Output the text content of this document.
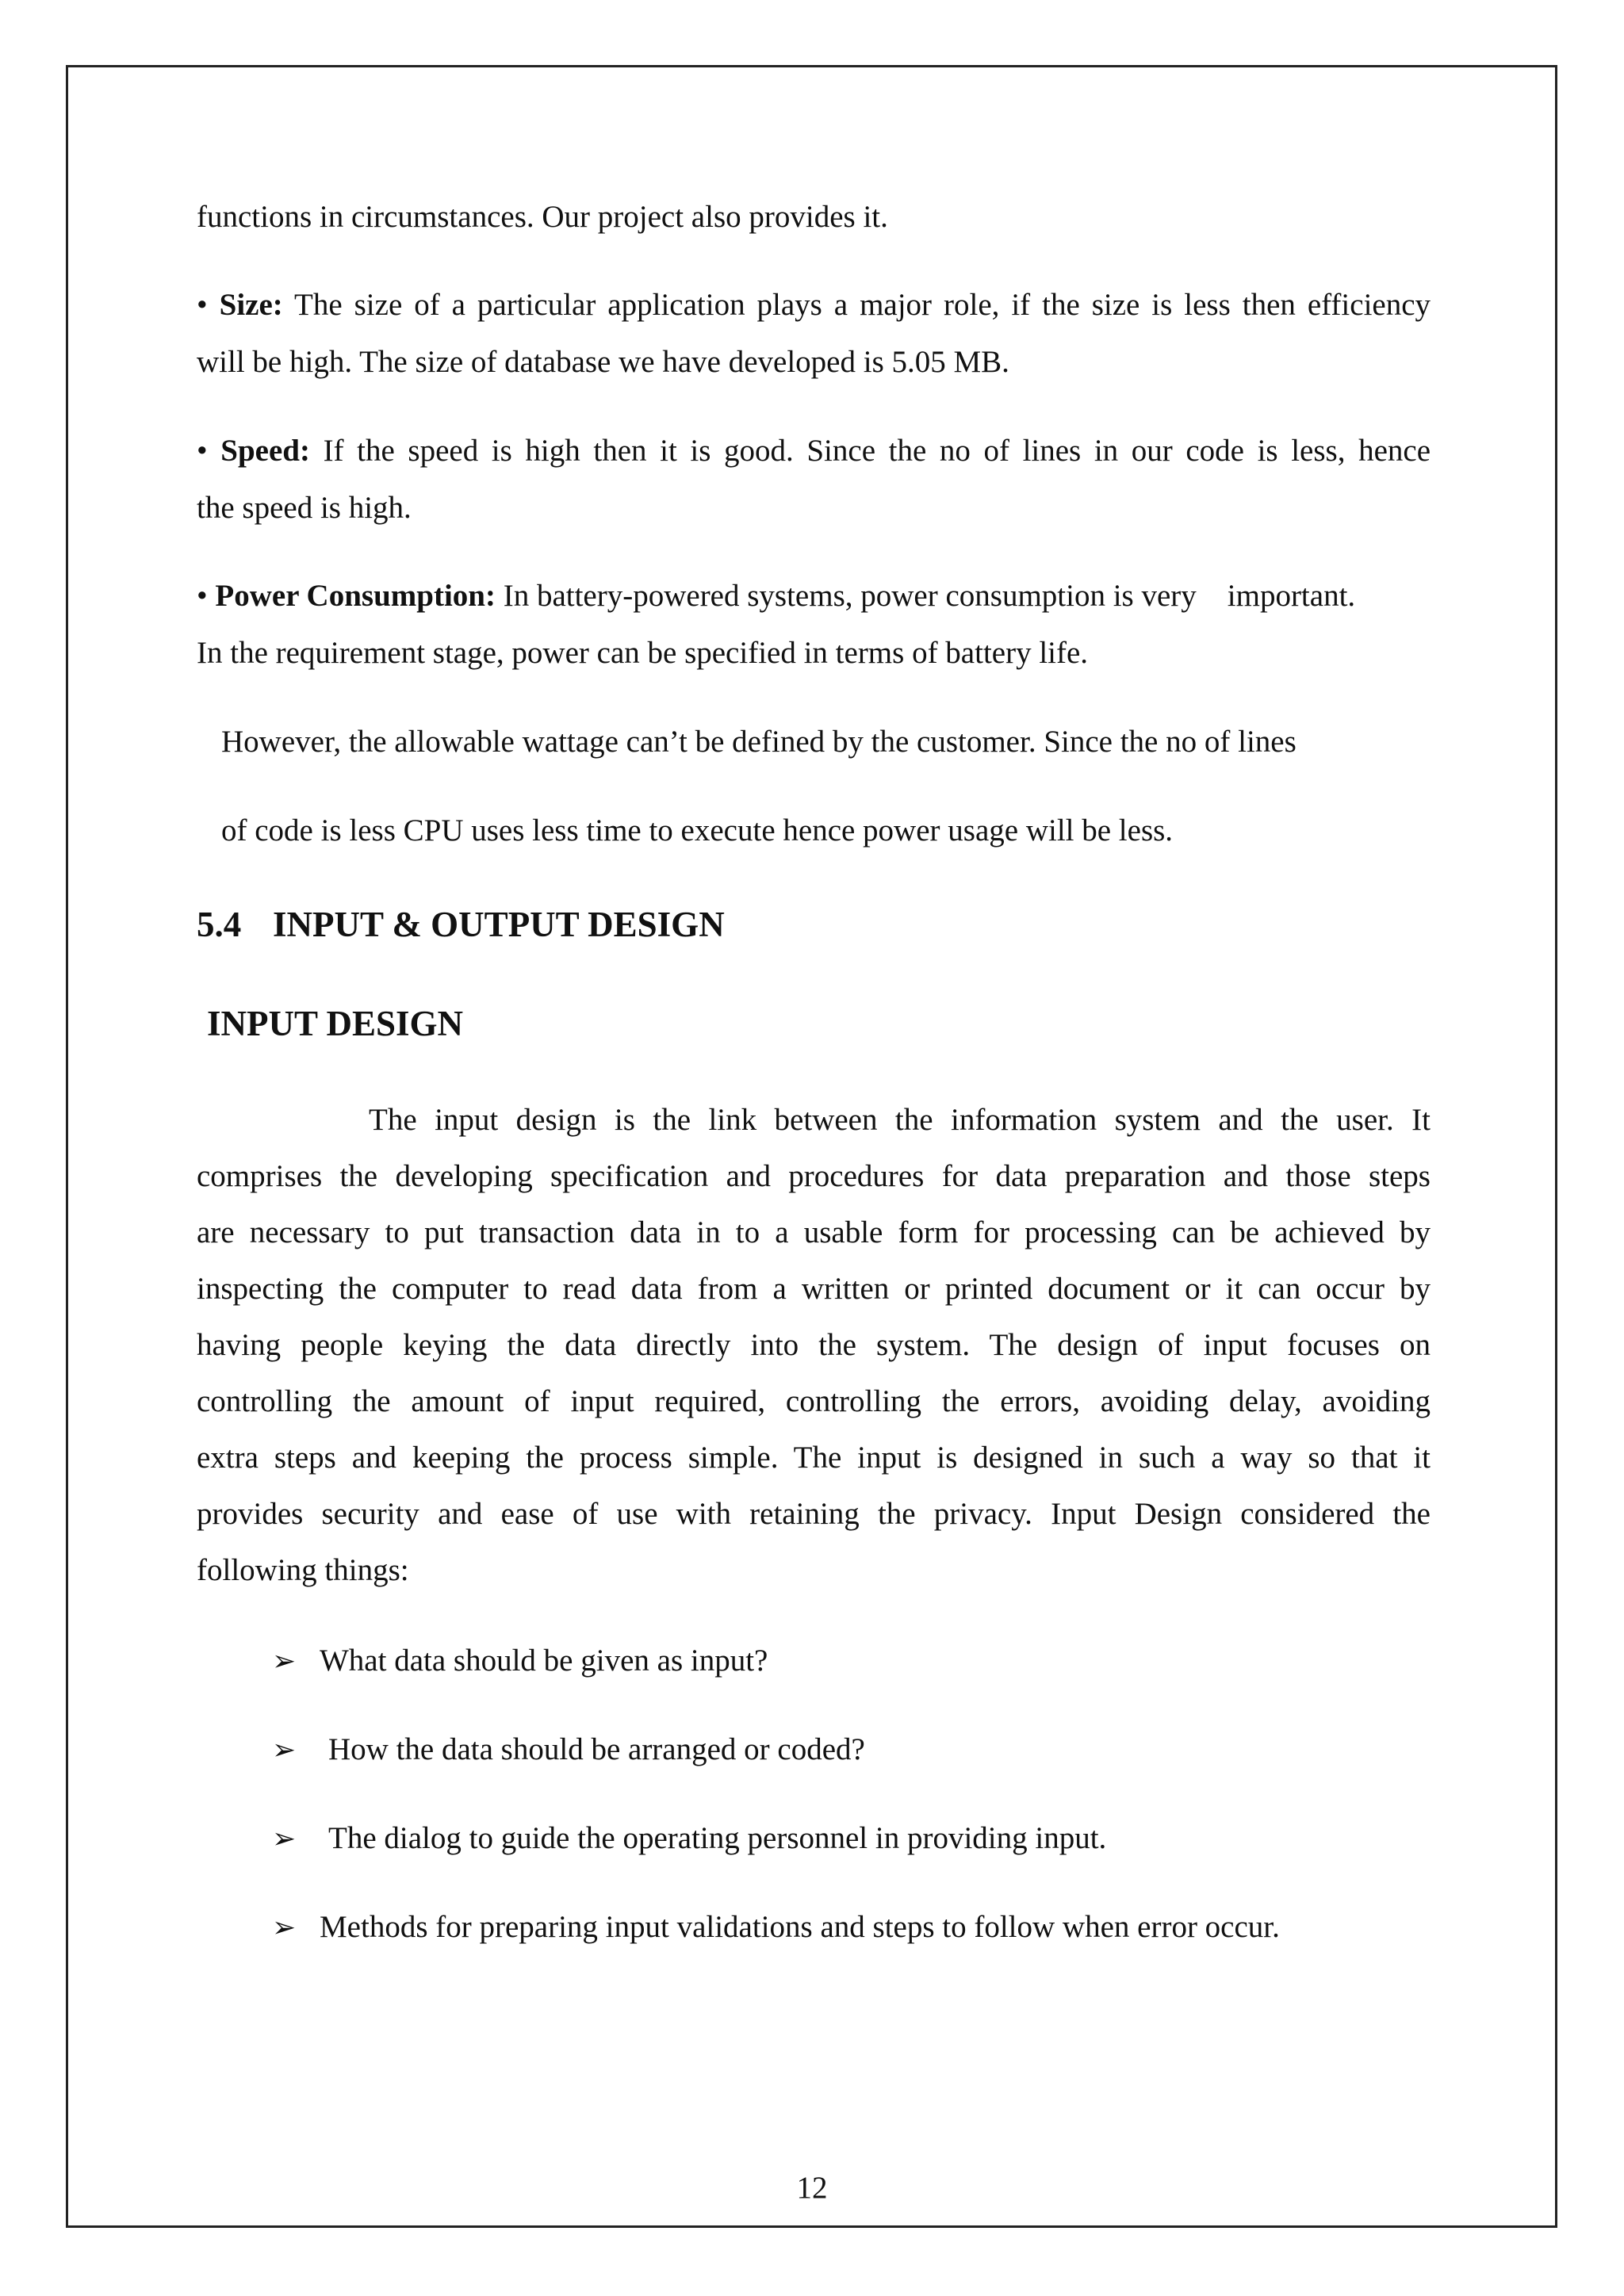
functions in circumstances. Our project also provides it.

• Size: The size of a particular application plays a major role, if the size is less then efficiency

will be high. The size of database we have developed is 5.05 MB.

• Speed: If the speed is high then it is good. Since the no of lines in our code is less, hence

the speed is high.

• Power Consumption: In battery-powered systems, power consumption is very    important.

In the requirement stage, power can be specified in terms of battery life.

However, the allowable wattage can’t be defined by the customer. Since the no of lines

of code is less CPU uses less time to execute hence power usage will be less.

5.4 INPUT & OUTPUT DESIGN
INPUT DESIGN

The input design is the link between the information system and the user. It

comprises the developing specification and procedures for data preparation and those steps

are necessary to put transaction data in to a usable form for processing can be achieved by

inspecting the computer to read data from a written or printed document or it can occur by

having people keying the data directly into the system. The design of input focuses on

controlling the amount of input required, controlling the errors, avoiding delay, avoiding

extra steps and keeping the process simple. The input is designed in such a way so that it

provides security and ease of use with retaining the privacy. Input Design considered the

following things:

➢ What data should be given as input?

➢ How the data should be arranged or coded?

➢ The dialog to guide the operating personnel in providing input.

➢ Methods for preparing input validations and steps to follow when error occur.

12
